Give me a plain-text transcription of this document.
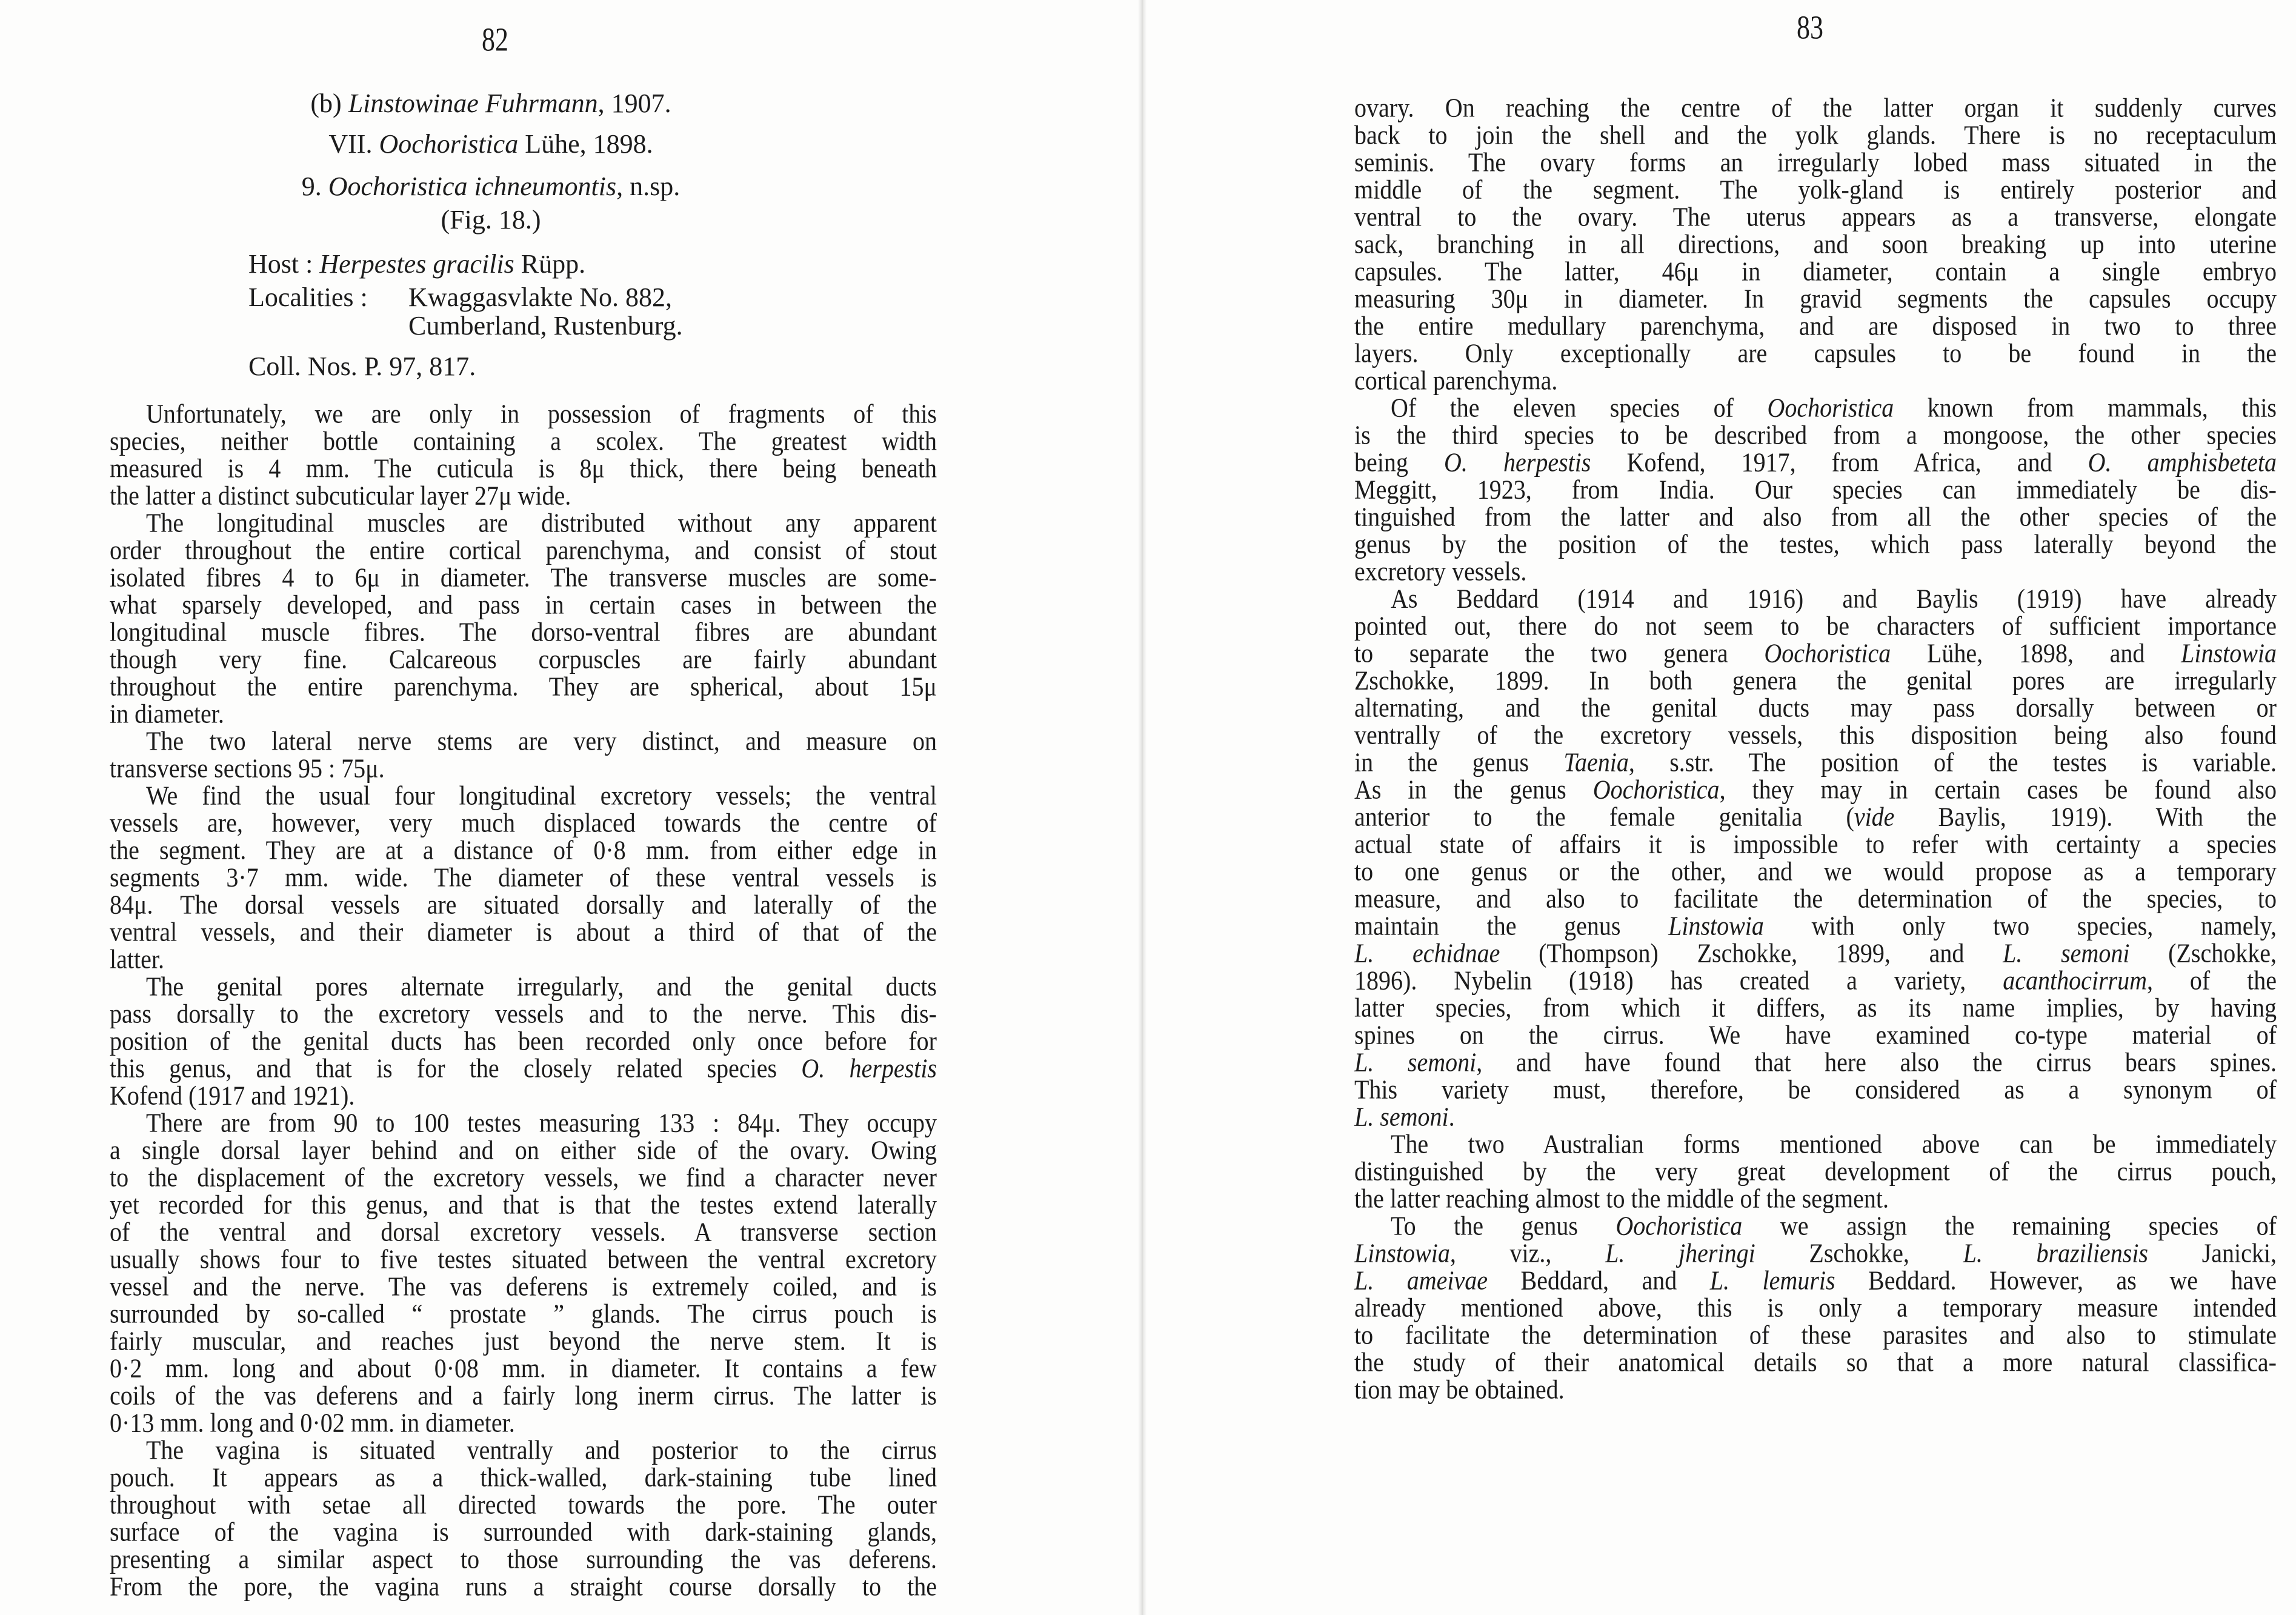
82
(b) Linstowinae Fuhrmann, 1907.
VII. Oochoristica Lühe, 1898.
9. Oochoristica ichneumontis, n.sp.
(Fig. 18.)
Host : Herpestes gracilis Rüpp.
Localities : Kwaggasvlakte No. 882,
Cumberland, Rustenburg.
Coll. Nos. P. 97, 817.
Unfortunately, we are only in possession of fragments of this
species, neither bottle containing a scolex. The greatest width
measured is 4 mm. The cuticula is 8μ thick, there being beneath
the latter a distinct subcuticular layer 27μ wide.
The longitudinal muscles are distributed without any apparent
order throughout the entire cortical parenchyma, and consist of stout
isolated fibres 4 to 6μ in diameter. The transverse muscles are some-
what sparsely developed, and pass in certain cases in between the
longitudinal muscle fibres. The dorso-ventral fibres are abundant
though very fine. Calcareous corpuscles are fairly abundant
throughout the entire parenchyma. They are spherical, about 15μ
in diameter.
The two lateral nerve stems are very distinct, and measure on
transverse sections 95 : 75μ.
We find the usual four longitudinal excretory vessels; the ventral
vessels are, however, very much displaced towards the centre of
the segment. They are at a distance of 0·8 mm. from either edge in
segments 3·7 mm. wide. The diameter of these ventral vessels is
84μ. The dorsal vessels are situated dorsally and laterally of the
ventral vessels, and their diameter is about a third of that of the
latter.
The genital pores alternate irregularly, and the genital ducts
pass dorsally to the excretory vessels and to the nerve. This dis-
position of the genital ducts has been recorded only once before for
this genus, and that is for the closely related species O. herpestis
Kofend (1917 and 1921).
There are from 90 to 100 testes measuring 133 : 84μ. They occupy
a single dorsal layer behind and on either side of the ovary. Owing
to the displacement of the excretory vessels, we find a character never
yet recorded for this genus, and that is that the testes extend laterally
of the ventral and dorsal excretory vessels. A transverse section
usually shows four to five testes situated between the ventral excretory
vessel and the nerve. The vas deferens is extremely coiled, and is
surrounded by so-called “ prostate ” glands. The cirrus pouch is
fairly muscular, and reaches just beyond the nerve stem. It is
0·2 mm. long and about 0·08 mm. in diameter. It contains a few
coils of the vas deferens and a fairly long inerm cirrus. The latter is
0·13 mm. long and 0·02 mm. in diameter.
The vagina is situated ventrally and posterior to the cirrus
pouch. It appears as a thick-walled, dark-staining tube lined
throughout with setae all directed towards the pore. The outer
surface of the vagina is surrounded with dark-staining glands,
presenting a similar aspect to those surrounding the vas deferens.
From the pore, the vagina runs a straight course dorsally to the
83
ovary. On reaching the centre of the latter organ it suddenly curves
back to join the shell and the yolk glands. There is no receptaculum
seminis. The ovary forms an irregularly lobed mass situated in the
middle of the segment. The yolk-gland is entirely posterior and
ventral to the ovary. The uterus appears as a transverse, elongate
sack, branching in all directions, and soon breaking up into uterine
capsules. The latter, 46μ in diameter, contain a single embryo
measuring 30μ in diameter. In gravid segments the capsules occupy
the entire medullary parenchyma, and are disposed in two to three
layers. Only exceptionally are capsules to be found in the
cortical parenchyma.
Of the eleven species of Oochoristica known from mammals, this
is the third species to be described from a mongoose, the other species
being O. herpestis Kofend, 1917, from Africa, and O. amphisbeteta
Meggitt, 1923, from India. Our species can immediately be dis-
tinguished from the latter and also from all the other species of the
genus by the position of the testes, which pass laterally beyond the
excretory vessels.
As Beddard (1914 and 1916) and Baylis (1919) have already
pointed out, there do not seem to be characters of sufficient importance
to separate the two genera Oochoristica Lühe, 1898, and Linstowia
Zschokke, 1899. In both genera the genital pores are irregularly
alternating, and the genital ducts may pass dorsally between or
ventrally of the excretory vessels, this disposition being also found
in the genus Taenia, s.str. The position of the testes is variable.
As in the genus Oochoristica, they may in certain cases be found also
anterior to the female genitalia (vide Baylis, 1919). With the
actual state of affairs it is impossible to refer with certainty a species
to one genus or the other, and we would propose as a temporary
measure, and also to facilitate the determination of the species, to
maintain the genus Linstowia with only two species, namely,
L. echidnae (Thompson) Zschokke, 1899, and L. semoni (Zschokke,
1896). Nybelin (1918) has created a variety, acanthocirrum, of the
latter species, from which it differs, as its name implies, by having
spines on the cirrus. We have examined co-type material of
L. semoni, and have found that here also the cirrus bears spines.
This variety must, therefore, be considered as a synonym of
L. semoni.
The two Australian forms mentioned above can be immediately
distinguished by the very great development of the cirrus pouch,
the latter reaching almost to the middle of the segment.
To the genus Oochoristica we assign the remaining species of
Linstowia, viz., L. jheringi Zschokke, L. braziliensis Janicki,
L. ameivae Beddard, and L. lemuris Beddard. However, as we have
already mentioned above, this is only a temporary measure intended
to facilitate the determination of these parasites and also to stimulate
the study of their anatomical details so that a more natural classifica-
tion may be obtained.
